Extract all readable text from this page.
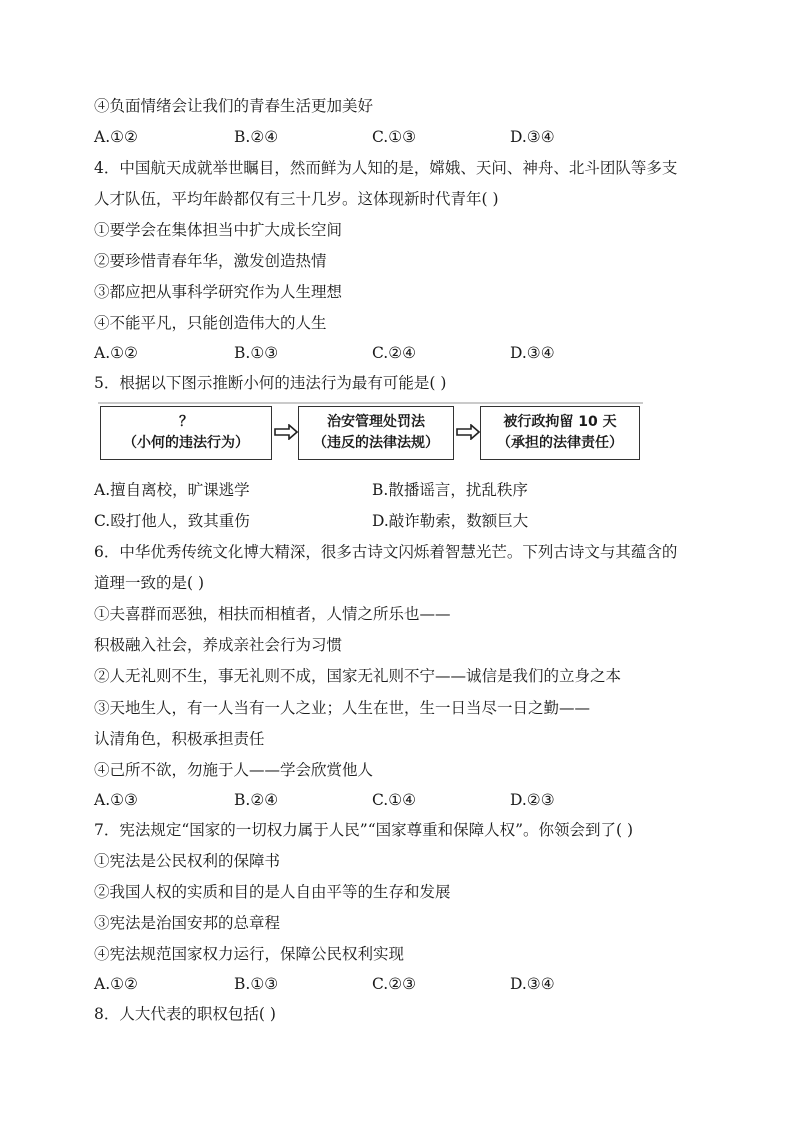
④负面情绪会让我们的青春生活更加美好
A.①②	B.②④	C.①③	D.③④
4．中国航天成就举世瞩目，然而鲜为人知的是，嫦娥、天问、神舟、北斗团队等多支
人才队伍，平均年龄都仅有三十几岁。这体现新时代青年( )
①要学会在集体担当中扩大成长空间
②要珍惜青春年华，激发创造热情
③都应把从事科学研究作为人生理想
④不能平凡，只能创造伟大的人生
A.①②	B.①③	C.②④	D.③④
5．根据以下图示推断小何的违法行为最有可能是( )
？
（小何的违法行为）
治安管理处罚法
（违反的法律法规）
被行政拘留 10 天
（承担的法律责任）
A.擅自离校，旷课逃学	B.散播谣言，扰乱秩序
C.殴打他人，致其重伤	D.敲诈勒索，数额巨大
6．中华优秀传统文化博大精深，很多古诗文闪烁着智慧光芒。下列古诗文与其蕴含的
道理一致的是( )
①夫喜群而恶独，相扶而相植者，人情之所乐也——
积极融入社会，养成亲社会行为习惯
②人无礼则不生，事无礼则不成，国家无礼则不宁——诚信是我们的立身之本
③天地生人，有一人当有一人之业；人生在世，生一日当尽一日之勤——
认清角色，积极承担责任
④己所不欲，勿施于人——学会欣赏他人
A.①③	B.②④	C.①④	D.②③
7．宪法规定“国家的一切权力属于人民”“国家尊重和保障人权”。你领会到了( )
①宪法是公民权利的保障书
②我国人权的实质和目的是人自由平等的生存和发展
③宪法是治国安邦的总章程
④宪法规范国家权力运行，保障公民权利实现
A.①②	B.①③	C.②③	D.③④
8．人大代表的职权包括( )
